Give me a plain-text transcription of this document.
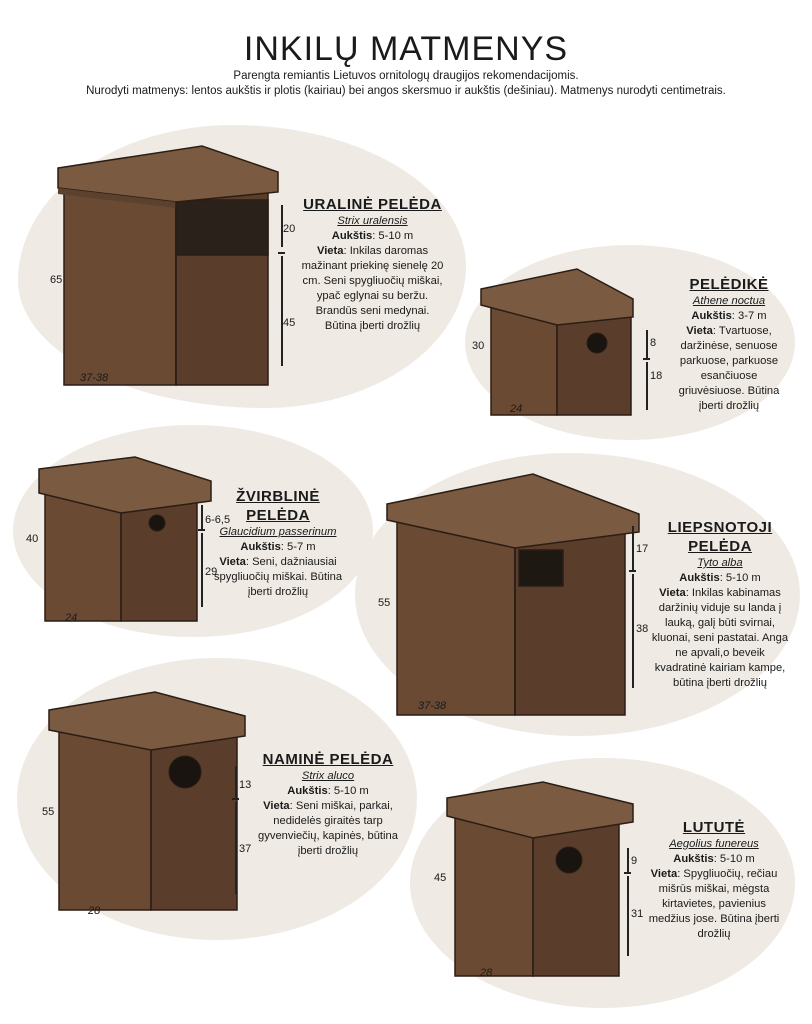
INKILŲ MATMENYS
Parengta remiantis Lietuvos ornitologų draugijos rekomendacijomis.
Nurodyti matmenys: lentos aukštis ir plotis (kairiau) bei angos skersmuo ir aukštis (dešiniau). Matmenys nurodyti centimetrais.
65
37-38
20
45
URALINĖ PELĖDA
Strix uralensis
Aukštis: 5-10 m
Vieta: Inkilas daromas mažinant priekinę sienelę 20 cm. Seni spygliuočių miškai, ypač eglynai su beržu. Brandūs seni medynai. Būtina įberti drožlių
30
24
8
18
PELĖDIKĖ
Athene noctua
Aukštis: 3-7 m
Vieta: Tvartuose, daržinėse, senuose parkuose, parkuose esančiuose griuvėsiuose. Būtina įberti drožlių
40
24
6-6,5
29
ŽVIRBLINĖ PELĖDA
Glaucidium passerinum
Aukštis: 5-7 m
Vieta: Seni, dažniausiai spygliuočių miškai. Būtina įberti drožlių
55
37-38
17
38
LIEPSNOTOJI PELĖDA
Tyto alba
Aukštis: 5-10 m
Vieta: Inkilas kabinamas daržinių viduje su landa į lauką, galį būti svirnai, kluonai, seni pastatai. Anga ne apvali,o beveik kvadratinė kairiam kampe, būtina įberti drožlių
55
28
13
37
NAMINĖ PELĖDA
Strix aluco
Aukštis: 5-10 m
Vieta: Seni miškai, parkai, nedidelės giraitės tarp gyvenviečių, kapinės, būtina įberti drožlių
45
28
9
31
LUTUTĖ
Aegolius funereus
Aukštis: 5-10 m
Vieta: Spygliuočių, rečiau mišrūs miškai, mėgsta kirtavietes, pavienius medžius jose. Būtina įberti drožlių
